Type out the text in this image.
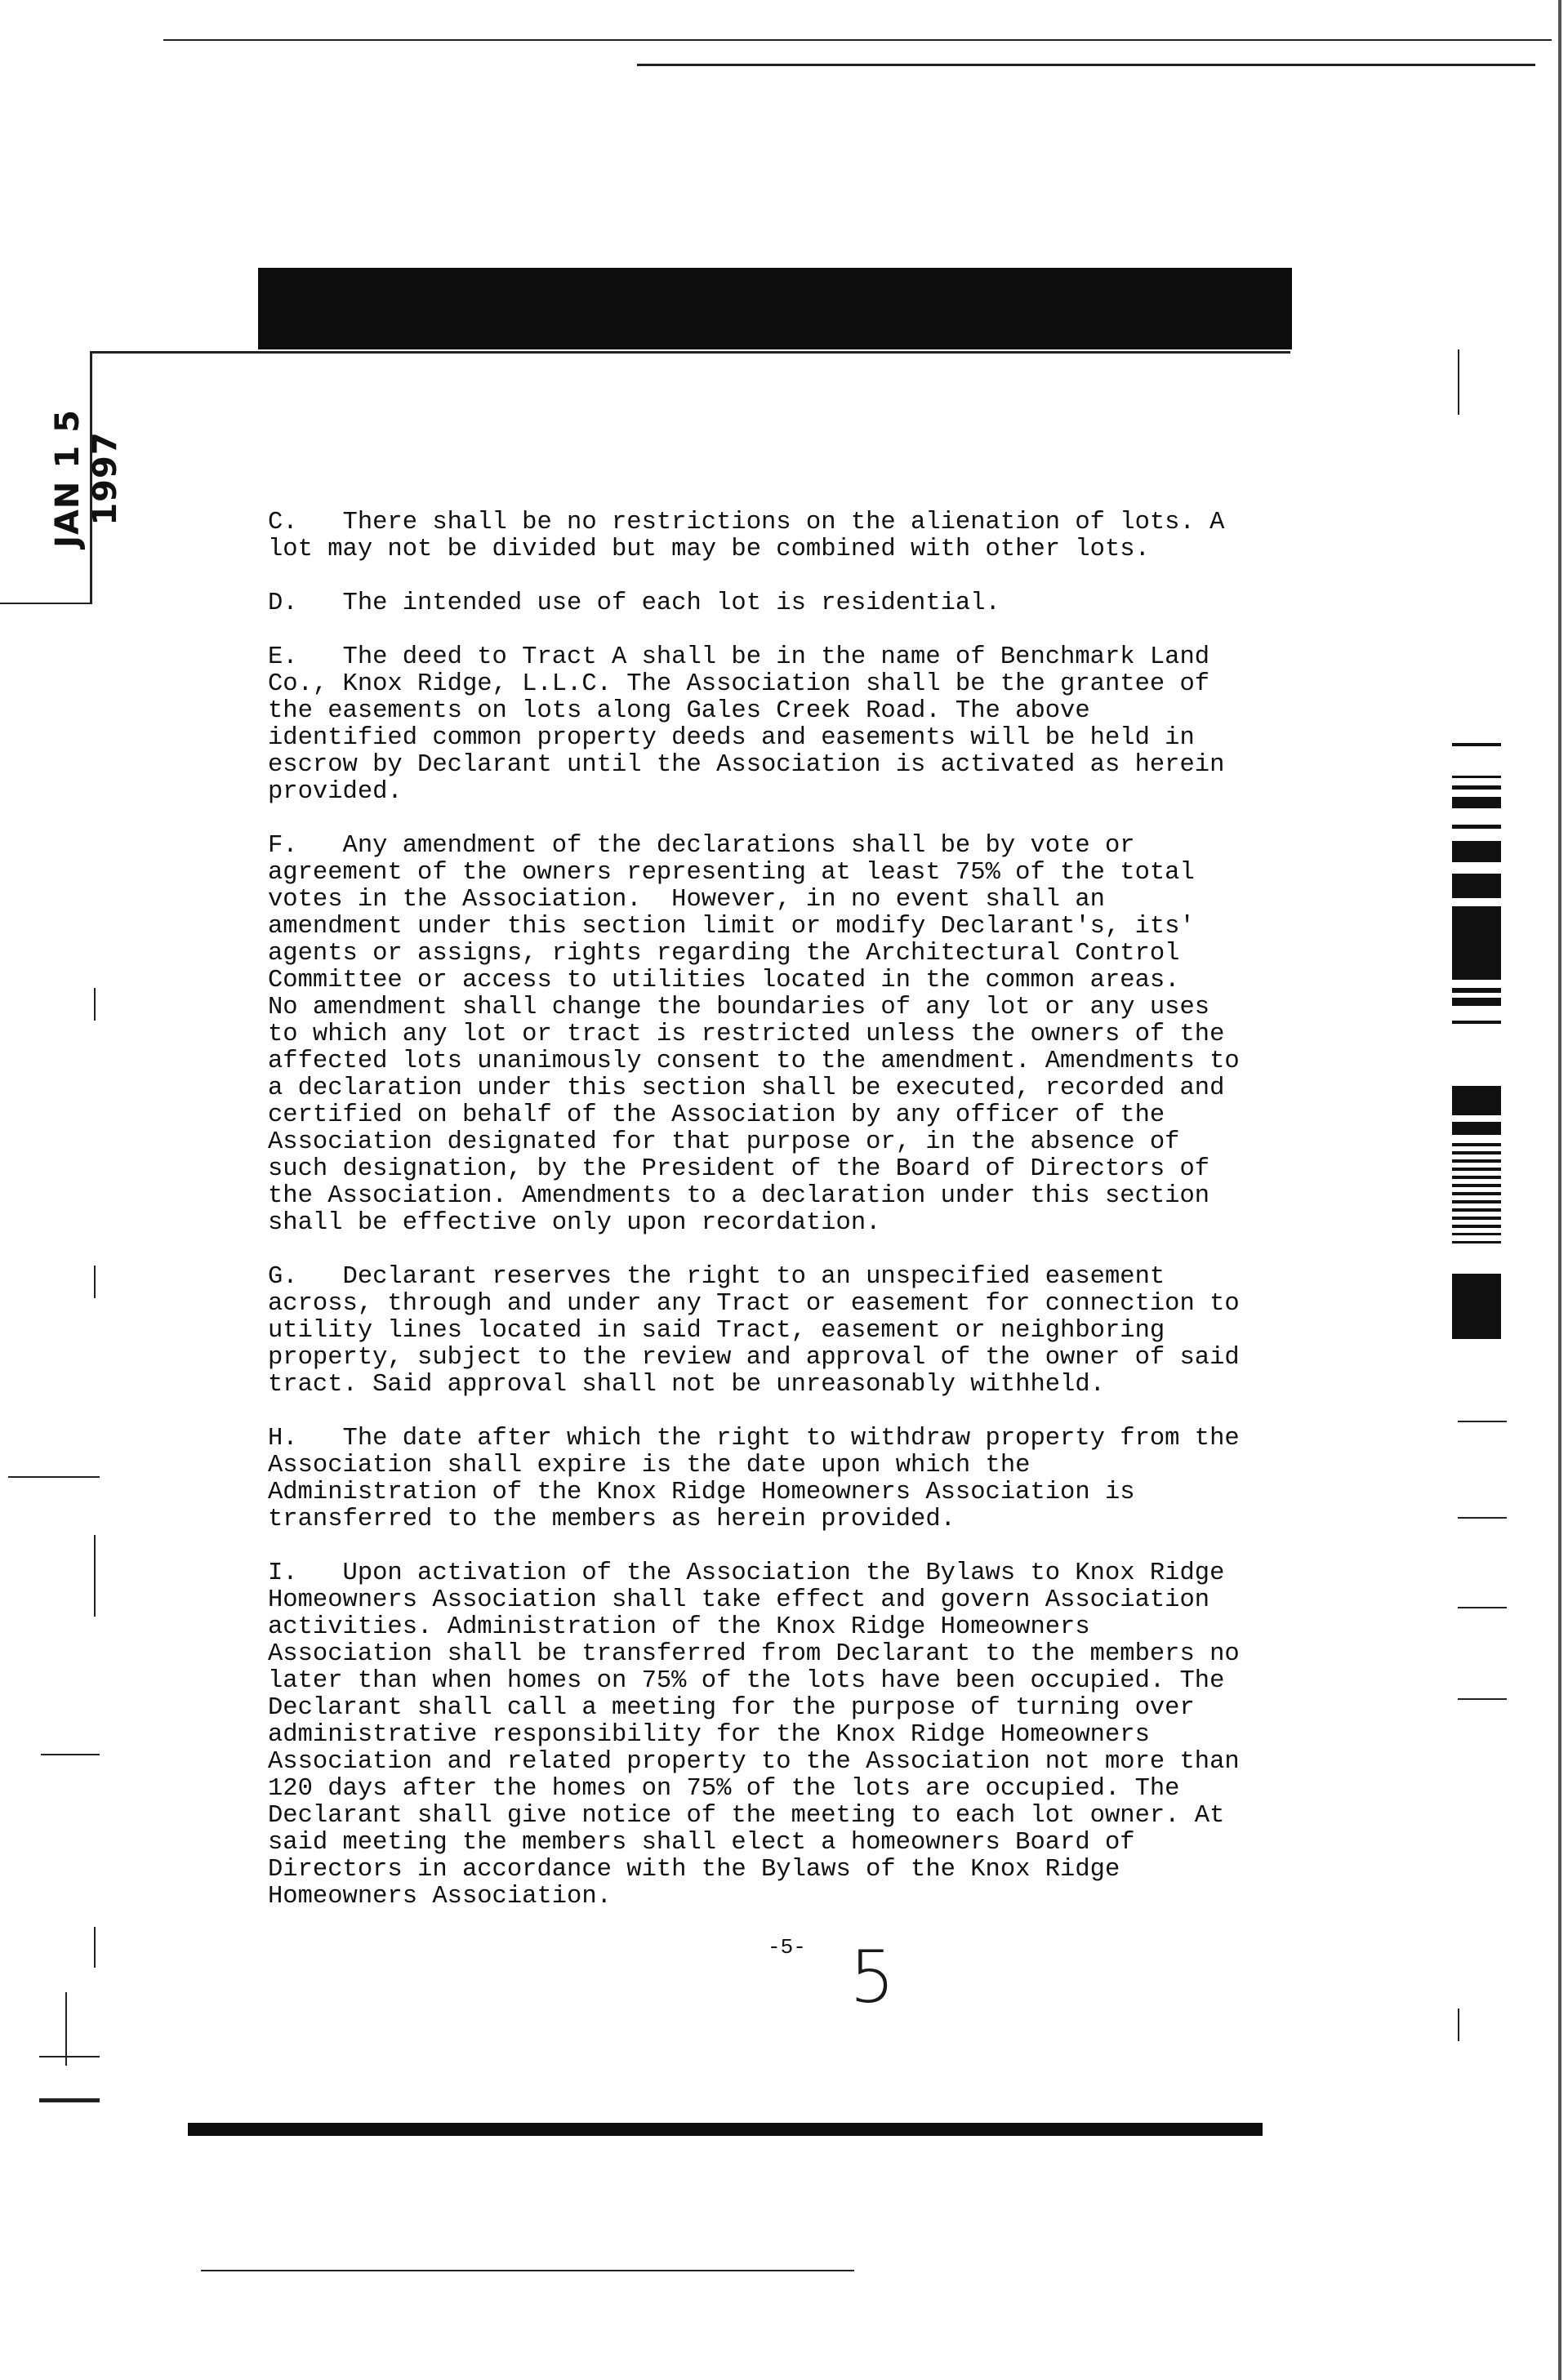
JAN 1 5 1997	C.   There shall be no restrictions on the alienation of lots. A
lot may not be divided but may be combined with other lots.

D.   The intended use of each lot is residential.

E.   The deed to Tract A shall be in the name of Benchmark Land
Co., Knox Ridge, L.L.C. The Association shall be the grantee of
the easements on lots along Gales Creek Road. The above
identified common property deeds and easements will be held in
escrow by Declarant until the Association is activated as herein
provided.

F.   Any amendment of the declarations shall be by vote or
agreement of the owners representing at least 75% of the total
votes in the Association.  However, in no event shall an
amendment under this section limit or modify Declarant's, its'
agents or assigns, rights regarding the Architectural Control
Committee or access to utilities located in the common areas.
No amendment shall change the boundaries of any lot or any uses
to which any lot or tract is restricted unless the owners of the
affected lots unanimously consent to the amendment. Amendments to
a declaration under this section shall be executed, recorded and
certified on behalf of the Association by any officer of the
Association designated for that purpose or, in the absence of
such designation, by the President of the Board of Directors of
the Association. Amendments to a declaration under this section
shall be effective only upon recordation.

G.   Declarant reserves the right to an unspecified easement
across, through and under any Tract or easement for connection to
utility lines located in said Tract, easement or neighboring
property, subject to the review and approval of the owner of said
tract. Said approval shall not be unreasonably withheld.

H.   The date after which the right to withdraw property from the
Association shall expire is the date upon which the
Administration of the Knox Ridge Homeowners Association is
transferred to the members as herein provided.

I.   Upon activation of the Association the Bylaws to Knox Ridge
Homeowners Association shall take effect and govern Association
activities. Administration of the Knox Ridge Homeowners
Association shall be transferred from Declarant to the members no
later than when homes on 75% of the lots have been occupied. The
Declarant shall call a meeting for the purpose of turning over
administrative responsibility for the Knox Ridge Homeowners
Association and related property to the Association not more than
120 days after the homes on 75% of the lots are occupied. The
Declarant shall give notice of the meeting to each lot owner. At
said meeting the members shall elect a homeowners Board of
Directors in accordance with the Bylaws of the Knox Ridge
Homeowners Association.

-5- 5
